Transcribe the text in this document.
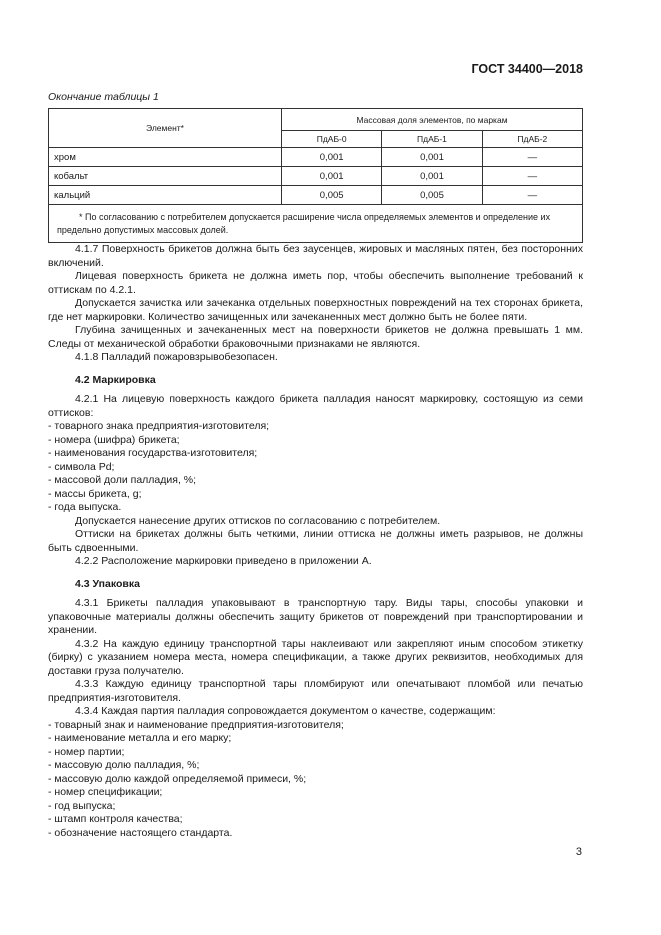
ГОСТ 34400—2018
Окончание таблицы 1
Элемент*	Массовая доля элементов, по маркам		
	ПдАБ-0	ПдАБ-1	ПдАБ-2
хром	0,001	0,001	—
кобальт	0,001	0,001	—
кальций	0,005	0,005	—
* По согласованию с потребителем допускается расширение числа определяемых элементов и определение их предельно допустимых массовых долей.			

4.1.7 Поверхность брикетов должна быть без заусенцев, жировых и масляных пятен, без посторонних включений.

Лицевая поверхность брикета не должна иметь пор, чтобы обеспечить выполнение требований к оттискам по 4.2.1.

Допускается зачистка или зачеканка отдельных поверхностных повреждений на тех сторонах брикета, где нет маркировки. Количество зачищенных или зачеканенных мест должно быть не более пяти.

Глубина зачищенных и зачеканенных мест на поверхности брикетов не должна превышать 1 мм. Следы от механической обработки браковочными признаками не являются.

4.1.8 Палладий пожаровзрывобезопасен.

4.2 Маркировка

4.2.1 На лицевую поверхность каждого брикета палладия наносят маркировку, состоящую из семи оттисков:

- товарного знака предприятия-изготовителя;

- номера (шифра) брикета;

- наименования государства-изготовителя;

- символа Pd;

- массовой доли палладия, %;

- массы брикета, g;

- года выпуска.

Допускается нанесение других оттисков по согласованию с потребителем.

Оттиски на брикетах должны быть четкими, линии оттиска не должны иметь разрывов, не должны быть сдвоенными.

4.2.2 Расположение маркировки приведено в приложении А.

4.3 Упаковка

4.3.1 Брикеты палладия упаковывают в транспортную тару. Виды тары, способы упаковки и упаковочные материалы должны обеспечить защиту брикетов от повреждений при транспортировании и хранении.

4.3.2 На каждую единицу транспортной тары наклеивают или закрепляют иным способом этикетку (бирку) с указанием номера места, номера спецификации, а также других реквизитов, необходимых для доставки груза получателю.

4.3.3 Каждую единицу транспортной тары пломбируют или опечатывают пломбой или печатью предприятия-изготовителя.

4.3.4 Каждая партия палладия сопровождается документом о качестве, содержащим:

- товарный знак и наименование предприятия-изготовителя;

- наименование металла и его марку;

- номер партии;

- массовую долю палладия, %;

- массовую долю каждой определяемой примеси, %;

- номер спецификации;

- год выпуска;

- штамп контроля качества;

- обозначение настоящего стандарта.

3
